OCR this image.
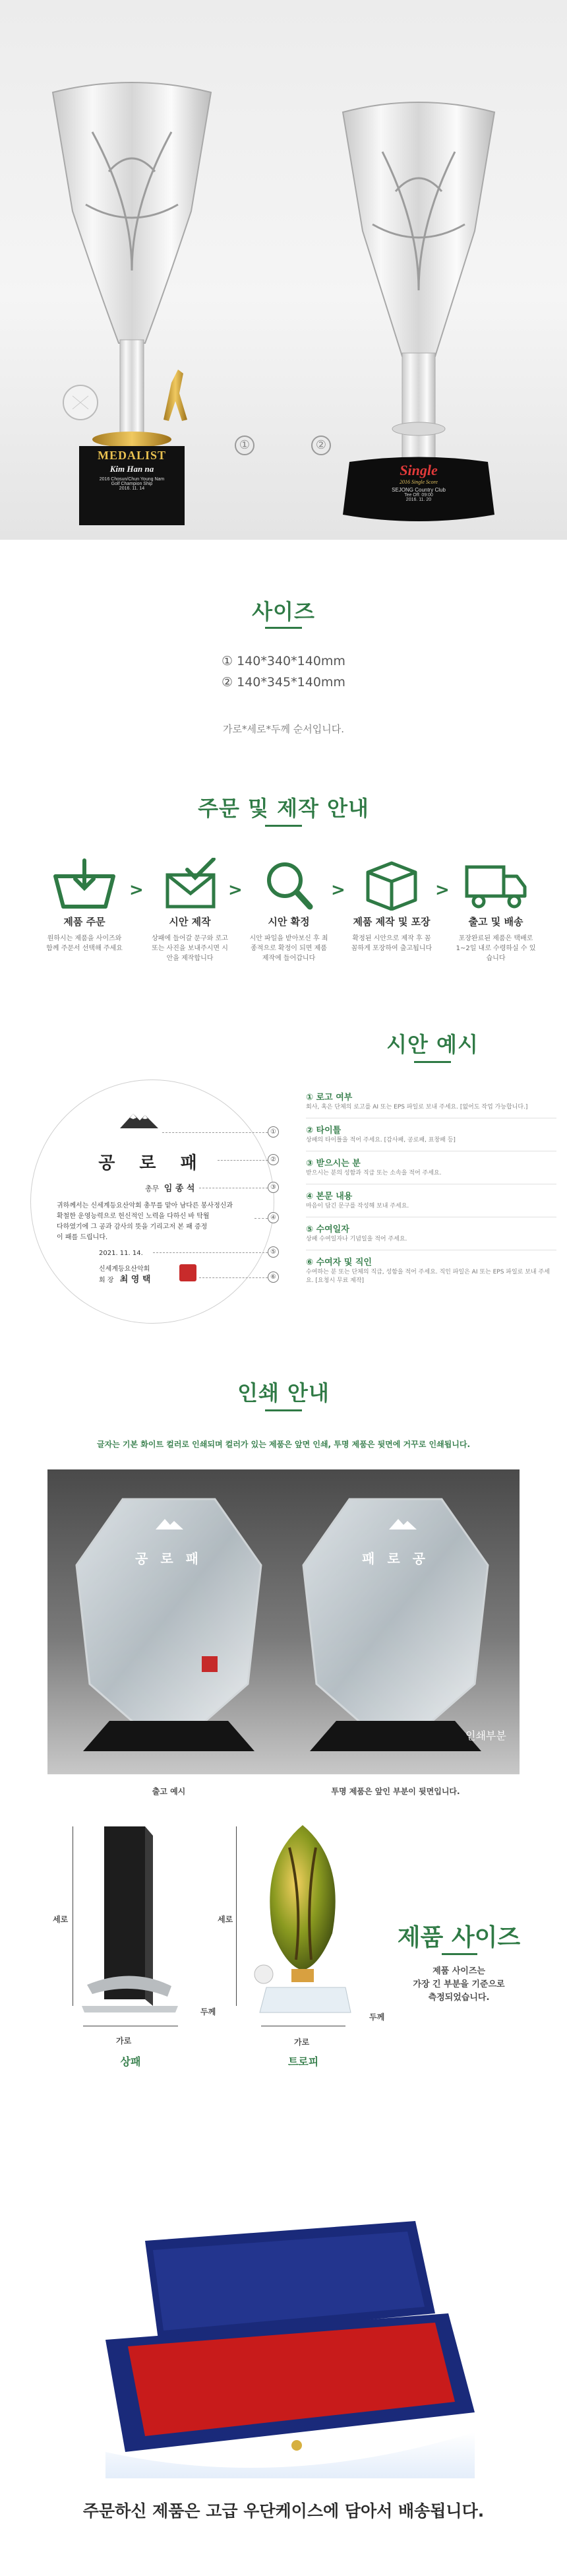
MEDALIST
Kim Han na
2016 Chosun/Chun Young Nam
Golf Champion Ship
2016. 11. 14
①
Single
2016 Single Score
SEJONG Country Club
Tee Off: 09:00
2016. 11. 20
②
사이즈
① 140*340*140mm
② 140*345*140mm
가로*세로*두께 순서입니다.
주문 및 제작 안내
제품 주문
원하시는 제품을 사이즈와 함께 주문서 선택해 주세요
>
시안 제작
상패에 들어갈 문구와 로고 또는 사진을 보내주시면 시안을 제작합니다
>
시안 확정
시안 파일을 받아보신 후 최종적으로 확정이 되면 제품 제작에 들어갑니다
>
제품 제작 및 포장
확정된 시안으로 제작 후 꼼꼼하게 포장하여 출고됩니다
>
출고 및 배송
포장완료된 제품은 택배로 1~2일 내로 수령하실 수 있습니다
시안 예시
공 로 패
총무 임 종 석
귀하께서는 신세계등요산악회 총무를 맡아 남다른 봉사정신과
확철한 운영능력으로 헌신적인 노력을 다하신 바 탁월
다하였기에 그 공과 감사의 뜻을 기리고저 본 패 증정
이 패를 드립니다.
2021. 11. 14.
신세계등요산악회
회 장 최 영 택
①
②
③
④
⑤
⑥
① 로고 여부
회사, 혹은 단체의 로고를 AI 또는 EPS 파일로 보내 주세요. [없어도 작업 가능합니다.]
② 타이틀
상패의 타이틀을 적어 주세요. [감사패, 공로패, 표창패 등]
③ 받으시는 분
받으시는 분의 성함과 직급 또는 소속을 적어 주세요.
④ 본문 내용
마음이 담긴 문구를 작성해 보내 주세요.
⑤ 수여일자
상패 수여일자나 기념일을 적어 주세요.
⑥ 수여자 및 직인
수여하는 분 또는 단체의 직급, 성함을 적어 주세요. 직인 파일은 AI 또는 EPS 파일로 보내 주세요. [요청시 무료 제작]
인쇄 안내
글자는 기본 화이트 컬러로 인쇄되며 컬러가 있는 제품은 앞면 인쇄, 투명 제품은 뒷면에 거꾸로 인쇄됩니다.
공 로 패	패 로 공
인쇄부분
출고 예시	투명 제품은 앞인 부분이 뒷면입니다.
세로
가로
두께
상패
세로
가로
두께
트로피
제품 사이즈
제품 사이즈는
가장 긴 부분을 기준으로
측정되었습니다.
주문하신 제품은 고급 우단케이스에 담아서 배송됩니다.
